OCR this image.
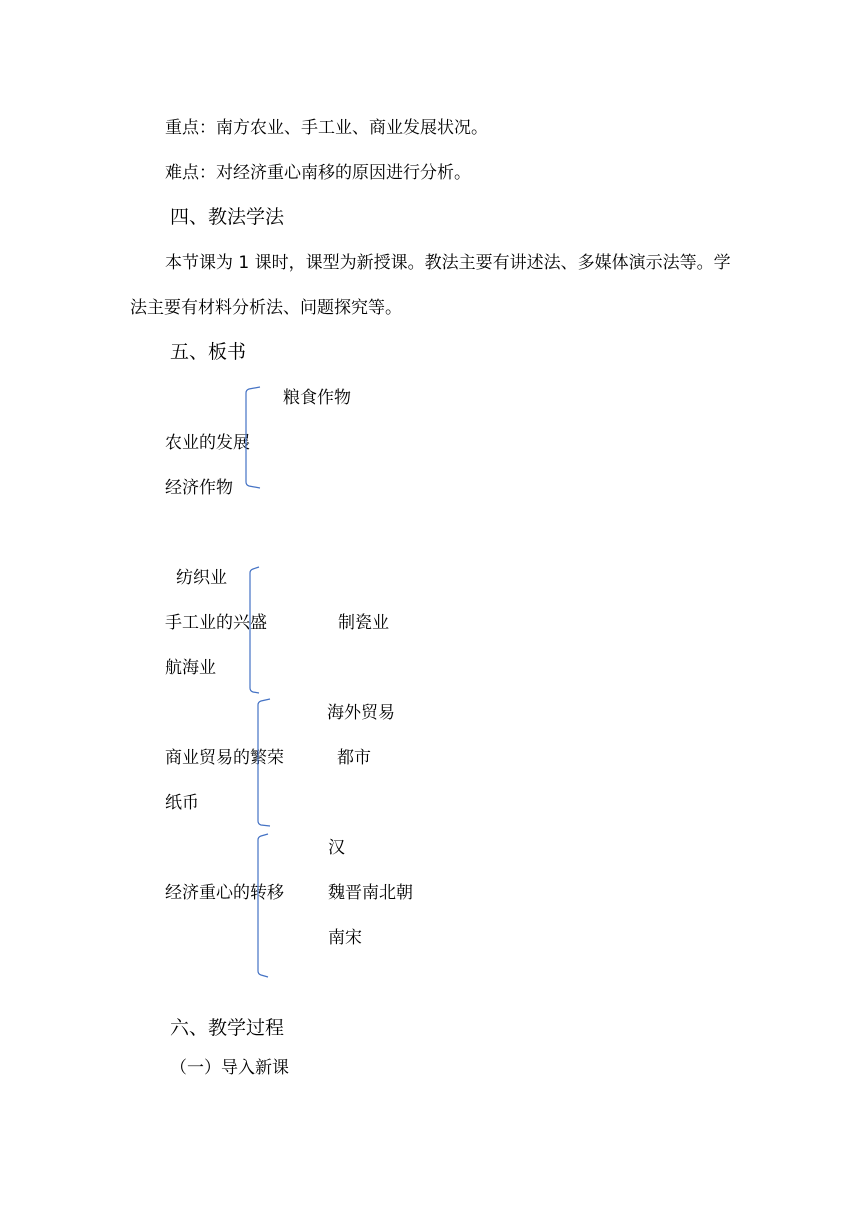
重点：南方农业、手工业、商业发展状况。
难点：对经济重心南移的原因进行分析。
四、教法学法
本节课为 1 课时，课型为新授课。教法主要有讲述法、多媒体演示法等。学
法主要有材料分析法、问题探究等。
五、板书
粮食作物
农业的发展
经济作物
纺织业
手工业的兴盛	制瓷业
航海业
海外贸易
商业贸易的繁荣	都市
纸币
汉
经济重心的转移	魏晋南北朝
南宋
六、教学过程
（一）导入新课
